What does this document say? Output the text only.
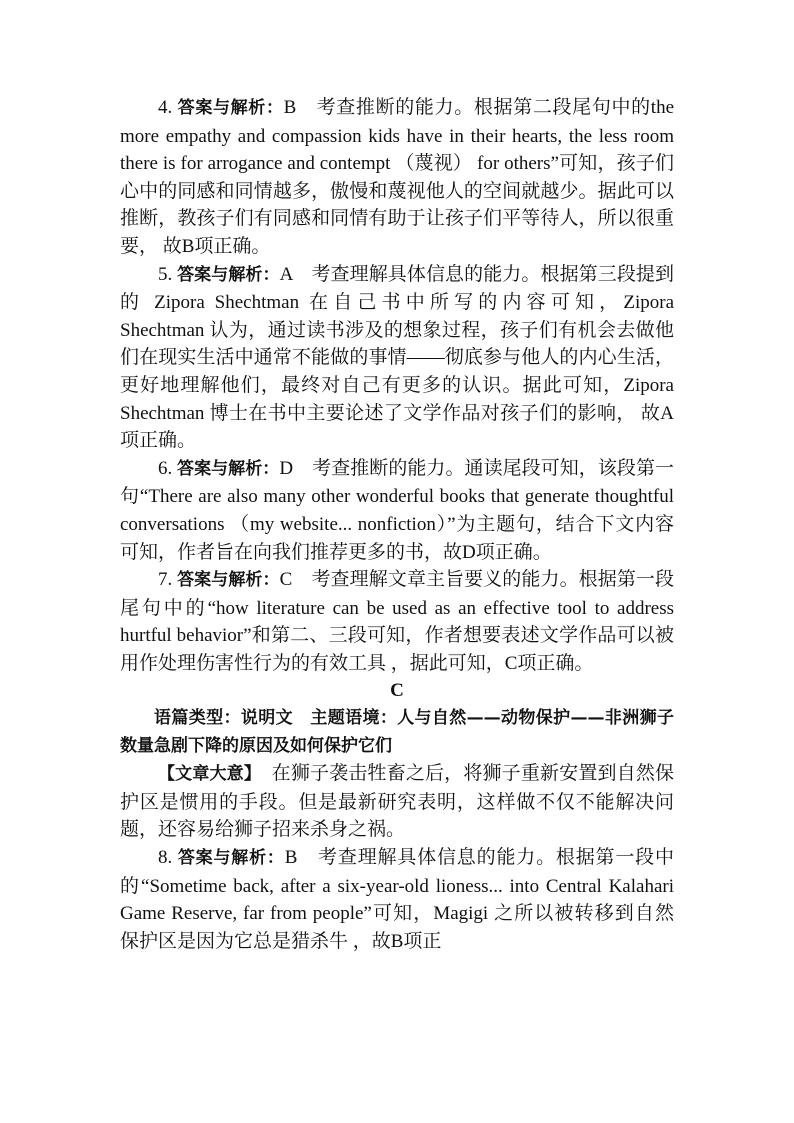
4. 答案与解析：B　考查推断的能力。根据第二段尾句中的the more empathy and compassion kids have in their hearts, the less room there is for arrogance and contempt （蔑视） for others”可知，孩子们心中的同感和同情越多，傲慢和蔑视他人的空间就越少。据此可以推断，教孩子们有同感和同情有助于让孩子们平等待人，所以很重要， 故B项正确。

5. 答案与解析：A　考查理解具体信息的能力。根据第三段提到的 Zipora Shechtman 在自己书中所写的内容可知，Zipora Shechtman 认为，通过读书涉及的想象过程，孩子们有机会去做他们在现实生活中通常不能做的事情——彻底参与他人的内心生活，更好地理解他们，最终对自己有更多的认识。据此可知，Zipora Shechtman 博士在书中主要论述了文学作品对孩子们的影响， 故A项正确。

6. 答案与解析：D　考查推断的能力。通读尾段可知，该段第一句“There are also many other wonderful books that generate thoughtful conversations （my website... nonfiction）”为主题句，结合下文内容可知，作者旨在向我们推荐更多的书，故D项正确。

7. 答案与解析：C　考查理解文章主旨要义的能力。根据第一段尾句中的“how literature can be used as an effective tool to address hurtful behavior”和第二、三段可知，作者想要表述文学作品可以被用作处理伤害性行为的有效工具 ，据此可知，C项正确。

C

语篇类型：说明文　主题语境：人与自然——动物保护——非洲狮子数量急剧下降的原因及如何保护它们

【文章大意】　在狮子袭击牲畜之后，将狮子重新安置到自然保护区是惯用的手段。但是最新研究表明，这样做不仅不能解决问题，还容易给狮子招来杀身之祸。

8. 答案与解析：B　考查理解具体信息的能力。根据第一段中的“Sometime back, after a six-year-old lioness... into Central Kalahari Game Reserve, far from people”可知，Magigi 之所以被转移到自然保护区是因为它总是猎杀牛 ，故B项正
